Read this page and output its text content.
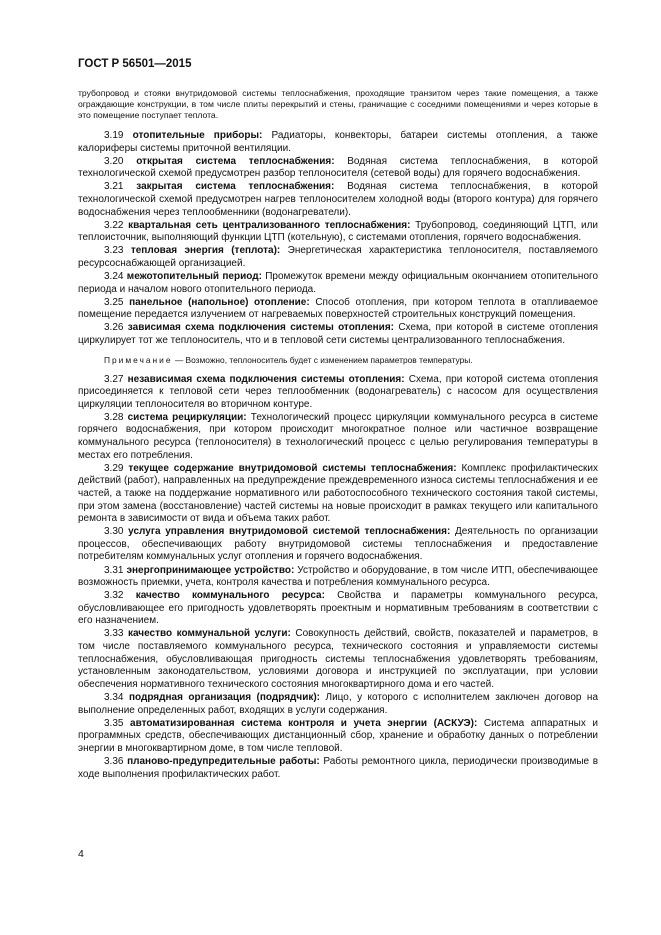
ГОСТ Р 56501—2015

трубопровод и стояки внутридомовой системы теплоснабжения, проходящие транзитом через такие помещения, а также ограждающие конструкции, в том числе плиты перекрытий и стены, граничащие с соседними помещениями и через которые в это помещение поступает теплота.

3.19 отопительные приборы: Радиаторы, конвекторы, батареи системы отопления, а также калориферы системы приточной вентиляции.

3.20 открытая система теплоснабжения: Водяная система теплоснабжения, в которой технологической схемой предусмотрен разбор теплоносителя (сетевой воды) для горячего водоснабжения.

3.21 закрытая система теплоснабжения: Водяная система теплоснабжения, в которой технологической схемой предусмотрен нагрев теплоносителем холодной воды (второго контура) для горячего водоснабжения через теплообменники (водонагреватели).

3.22 квартальная сеть централизованного теплоснабжения: Трубопровод, соединяющий ЦТП, или теплоисточник, выполняющий функции ЦТП (котельную), с системами отопления, горячего водоснабжения.

3.23 тепловая энергия (теплота): Энергетическая характеристика теплоносителя, поставляемого ресурсоснабжающей организацией.

3.24 межотопительный период: Промежуток времени между официальным окончанием отопительного периода и началом нового отопительного периода.

3.25 панельное (напольное) отопление: Способ отопления, при котором теплота в отапливаемое помещение передается излучением от нагреваемых поверхностей строительных конструкций помещения.

3.26 зависимая схема подключения системы отопления: Схема, при которой в системе отопления циркулирует тот же теплоноситель, что и в тепловой сети системы централизованного теплоснабжения.

Примечание — Возможно, теплоноситель будет с изменением параметров температуры.

3.27 независимая схема подключения системы отопления: Схема, при которой система отопления присоединяется к тепловой сети через теплообменник (водонагреватель) с насосом для осуществления циркуляции теплоносителя во вторичном контуре.

3.28 система рециркуляции: Технологический процесс циркуляции коммунального ресурса в системе горячего водоснабжения, при котором происходит многократное полное или частичное возвращение коммунального ресурса (теплоносителя) в технологический процесс с целью регулирования температуры в местах его потребления.

3.29 текущее содержание внутридомовой системы теплоснабжения: Комплекс профилактических действий (работ), направленных на предупреждение преждевременного износа системы теплоснабжения и ее частей, а также на поддержание нормативного или работоспособного технического состояния такой системы, при этом замена (восстановление) частей системы на новые происходит в рамках текущего или капитального ремонта в зависимости от вида и объема таких работ.

3.30 услуга управления внутридомовой системой теплоснабжения: Деятельность по организации процессов, обеспечивающих работу внутридомовой системы теплоснабжения и предоставление потребителям коммунальных услуг отопления и горячего водоснабжения.

3.31 энергопринимающее устройство: Устройство и оборудование, в том числе ИТП, обеспечивающее возможность приемки, учета, контроля качества и потребления коммунального ресурса.

3.32 качество коммунального ресурса: Свойства и параметры коммунального ресурса, обусловливающее его пригодность удовлетворять проектным и нормативным требованиям в соответствии с его назначением.

3.33 качество коммунальной услуги: Совокупность действий, свойств, показателей и параметров, в том числе поставляемого коммунального ресурса, технического состояния и управляемости системы теплоснабжения, обусловливающая пригодность системы теплоснабжения удовлетворять требованиям, установленным законодательством, условиями договора и инструкцией по эксплуатации, при условии обеспечения нормативного технического состояния многоквартирного дома и его частей.

3.34 подрядная организация (подрядчик): Лицо, у которого с исполнителем заключен договор на выполнение определенных работ, входящих в услуги содержания.

3.35 автоматизированная система контроля и учета энергии (АСКУЭ): Система аппаратных и программных средств, обеспечивающих дистанционный сбор, хранение и обработку данных о потреблении энергии в многоквартирном доме, в том числе тепловой.

3.36 планово-предупредительные работы: Работы ремонтного цикла, периодически производимые в ходе выполнения профилактических работ.

4
